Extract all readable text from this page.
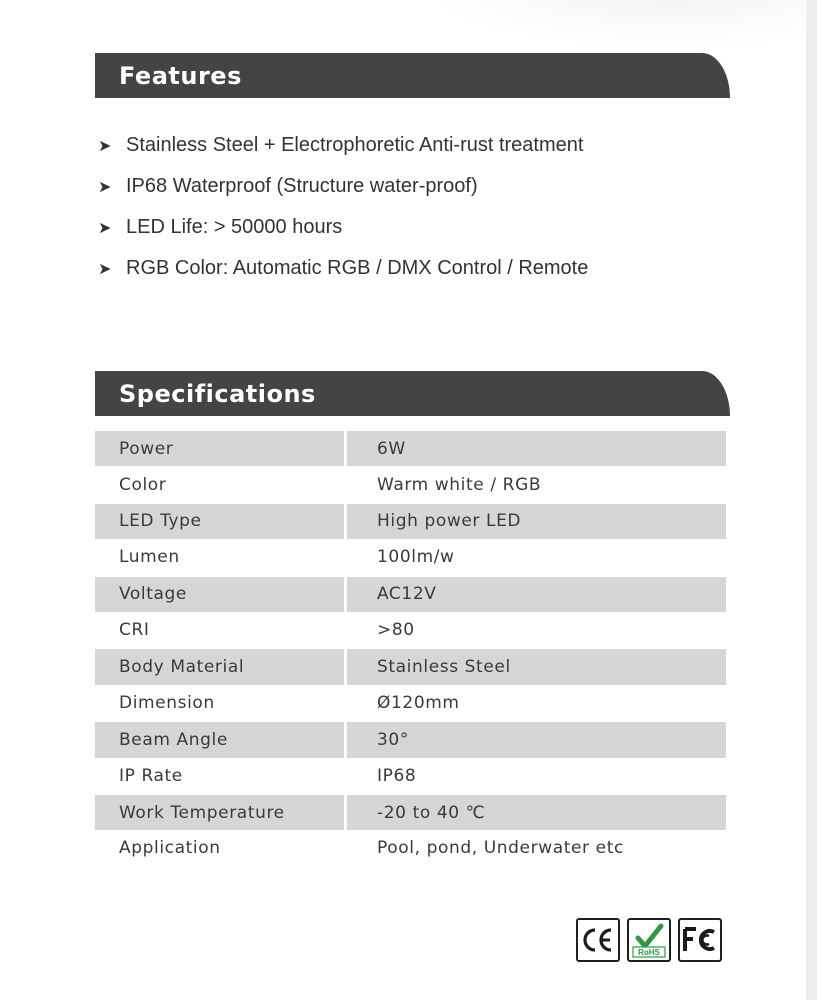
Features
➤ Stainless Steel + Electrophoretic Anti-rust treatment
➤ IP68 Waterproof (Structure water-proof)
➤ LED Life: > 50000 hours
➤ RGB Color: Automatic RGB / DMX Control / Remote
Specifications
Power	6W
Color	Warm white / RGB
LED Type	High power LED
Lumen	100lm/w
Voltage	AC12V
CRI	>80
Body Material	Stainless Steel
Dimension	Ø120mm
Beam Angle	30°
IP Rate	IP68
Work Temperature	-20 to 40 ℃
Application	Pool, pond, Underwater etc
RoHS
